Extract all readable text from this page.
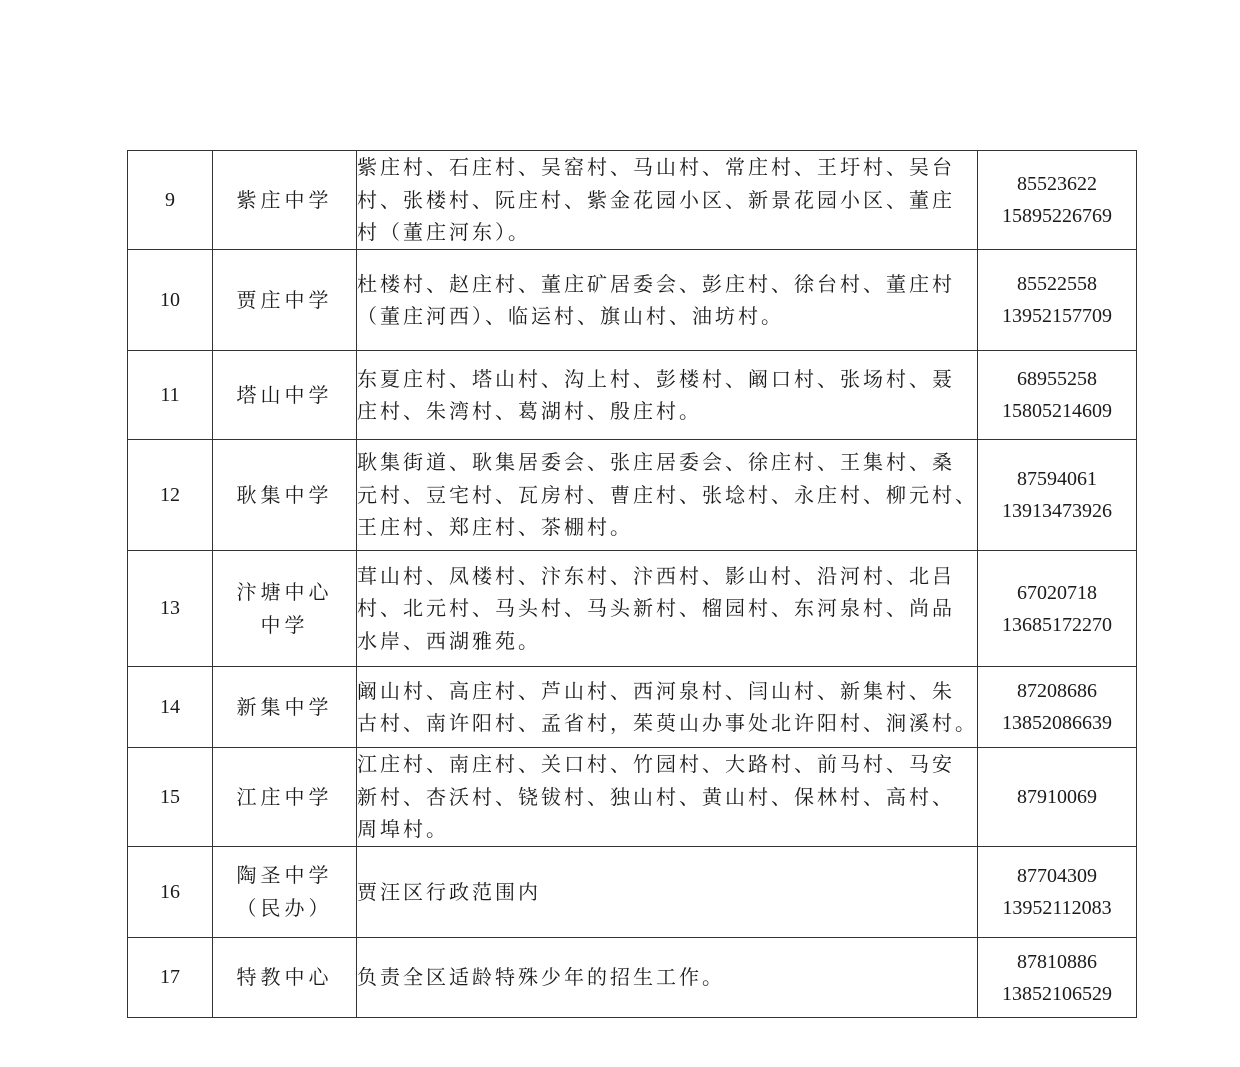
9	紫庄中学	紫庄村、石庄村、吴窑村、马山村、常庄村、王圩村、吴台
村、张楼村、阮庄村、紫金花园小区、新景花园小区、董庄
村（董庄河东）。	85523622
15895226769

10	贾庄中学	杜楼村、赵庄村、董庄矿居委会、彭庄村、徐台村、董庄村
（董庄河西）、临运村、旗山村、油坊村。	85522558
13952157709

11	塔山中学	东夏庄村、塔山村、沟上村、彭楼村、阚口村、张场村、聂
庄村、朱湾村、葛湖村、殷庄村。	68955258
15805214609

12	耿集中学	耿集街道、耿集居委会、张庄居委会、徐庄村、王集村、桑
元村、豆宅村、瓦房村、曹庄村、张埝村、永庄村、柳元村、
王庄村、郑庄村、茶棚村。	87594061
13913473926

13	汴塘中心
中学	茸山村、凤楼村、汴东村、汴西村、影山村、沿河村、北吕
村、北元村、马头村、马头新村、榴园村、东河泉村、尚品
水岸、西湖雅苑。	67020718
13685172270

14	新集中学	阚山村、高庄村、芦山村、西河泉村、闫山村、新集村、朱
古村、南许阳村、孟省村，茱萸山办事处北许阳村、涧溪村。	87208686
13852086639

15	江庄中学	江庄村、南庄村、关口村、竹园村、大路村、前马村、马安
新村、杏沃村、铙钹村、独山村、黄山村、保林村、高村、
周埠村。	87910069

16	陶圣中学
（民办）	贾汪区行政范围内	87704309
13952112083

17	特教中心	负责全区适龄特殊少年的招生工作。	87810886
13852106529
